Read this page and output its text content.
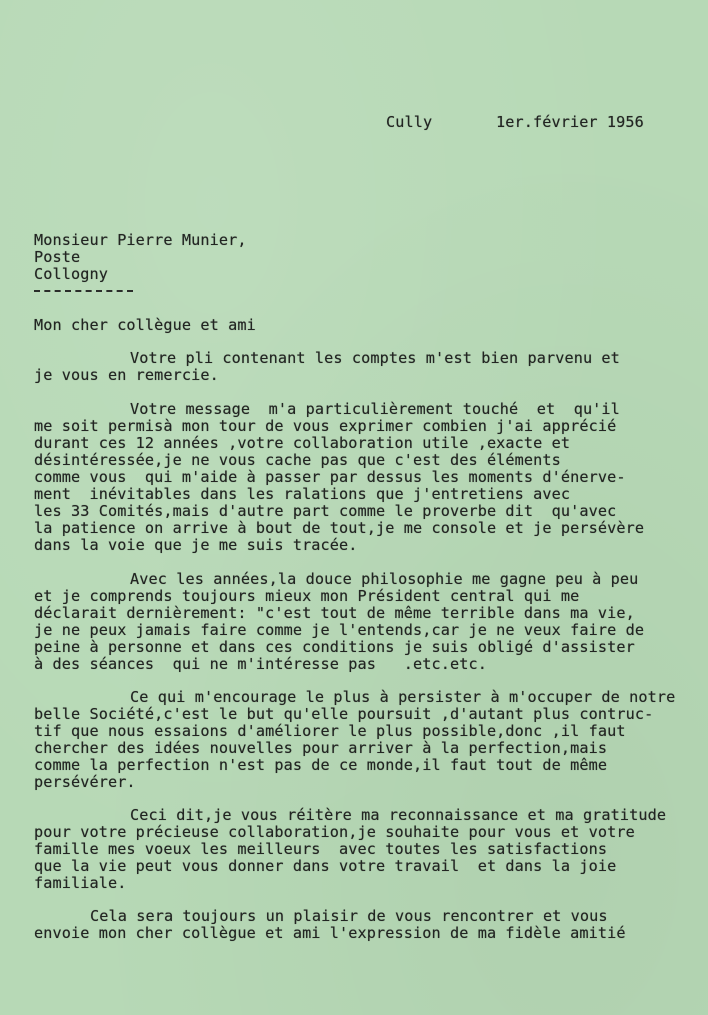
Cully	1er.février 1956
Monsieur Pierre Munier,
Poste
Collogny
Mon cher collègue et ami
Votre pli contenant les comptes m'est bien parvenu et
je vous en remercie.
Votre message  m'a particulièrement touché  et  qu'il
me soit permisà mon tour de vous exprimer combien j'ai apprécié
durant ces 12 années ,votre collaboration utile ,exacte et
désintéressée,je ne vous cache pas que c'est des éléments
comme vous  qui m'aide à passer par dessus les moments d'énerve-
ment  inévitables dans les ralations que j'entretiens avec
les 33 Comités,mais d'autre part comme le proverbe dit  qu'avec
la patience on arrive à bout de tout,je me console et je persévère
dans la voie que je me suis tracée.
Avec les années,la douce philosophie me gagne peu à peu
et je comprends toujours mieux mon Président central qui me
déclarait dernièrement: "c'est tout de même terrible dans ma vie,
je ne peux jamais faire comme je l'entends,car je ne veux faire de
peine à personne et dans ces conditions je suis obligé d'assister
à des séances  qui ne m'intéresse pas   .etc.etc.
Ce qui m'encourage le plus à persister à m'occuper de notre
belle Société,c'est le but qu'elle poursuit ,d'autant plus contruc-
tif que nous essaions d'améliorer le plus possible,donc ,il faut
chercher des idées nouvelles pour arriver à la perfection,mais
comme la perfection n'est pas de ce monde,il faut tout de même
persévérer.
Ceci dit,je vous réitère ma reconnaissance et ma gratitude
pour votre précieuse collaboration,je souhaite pour vous et votre
famille mes voeux les meilleurs  avec toutes les satisfactions
que la vie peut vous donner dans votre travail  et dans la joie
familiale.
Cela sera toujours un plaisir de vous rencontrer et vous
envoie mon cher collègue et ami l'expression de ma fidèle amitié
